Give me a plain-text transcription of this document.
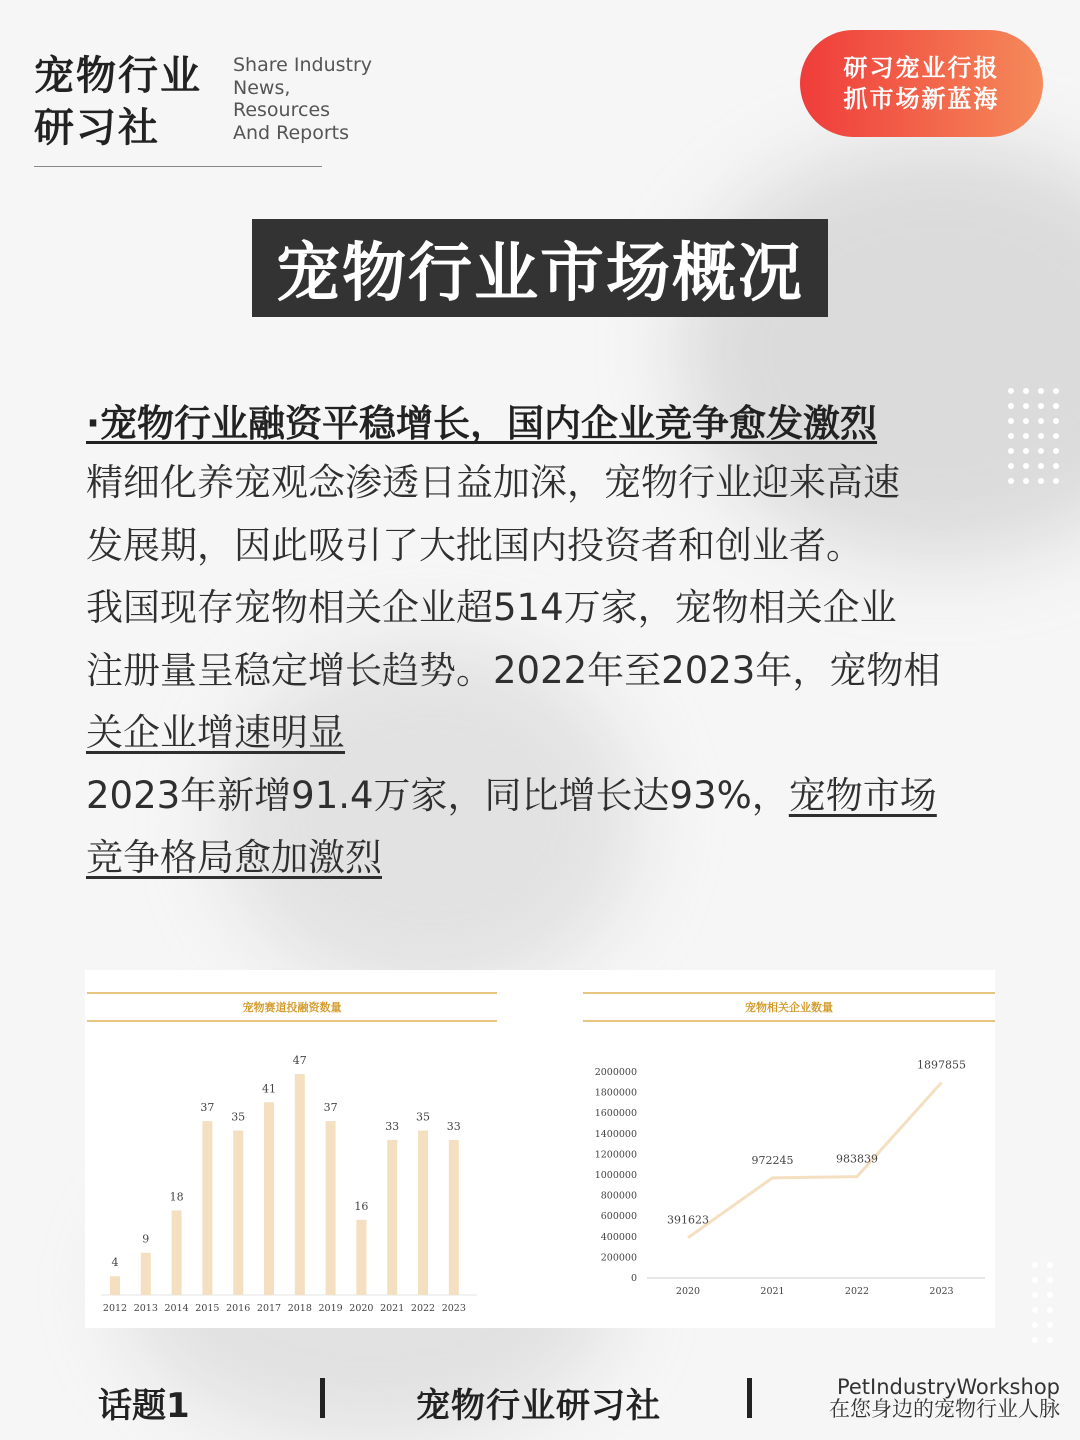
宠物行业
研习社
Share Industry
News,
Resources
And Reports
研习宠业行报
抓市场新蓝海
宠物行业市场概况
·宠物行业融资平稳增长，国内企业竞争愈发激烈
精细化养宠观念渗透日益加深，宠物行业迎来高速
发展期，因此吸引了大批国内投资者和创业者。
我国现存宠物相关企业超514万家，宠物相关企业
注册量呈稳定增长趋势。2022年至2023年，宠物相
关企业增速明显
2023年新增91.4万家，同比增长达93%，宠物市场
竞争格局愈加激烈
宠物赛道投融资数量
4
2012
9
2013
18
2014
37
2015
35
2016
41
2017
47
2018
37
2019
16
2020
33
2021
35
2022
33
2023
宠物相关企业数量
0
200000
400000
600000
800000
1000000
1200000
1400000
1600000
1800000
2000000
391623
2020
972245
2021
983839
2022
1897855
2023
话题1	宠物行业研习社	PetIndustryWorkshop
在您身边的宠物行业人脉
